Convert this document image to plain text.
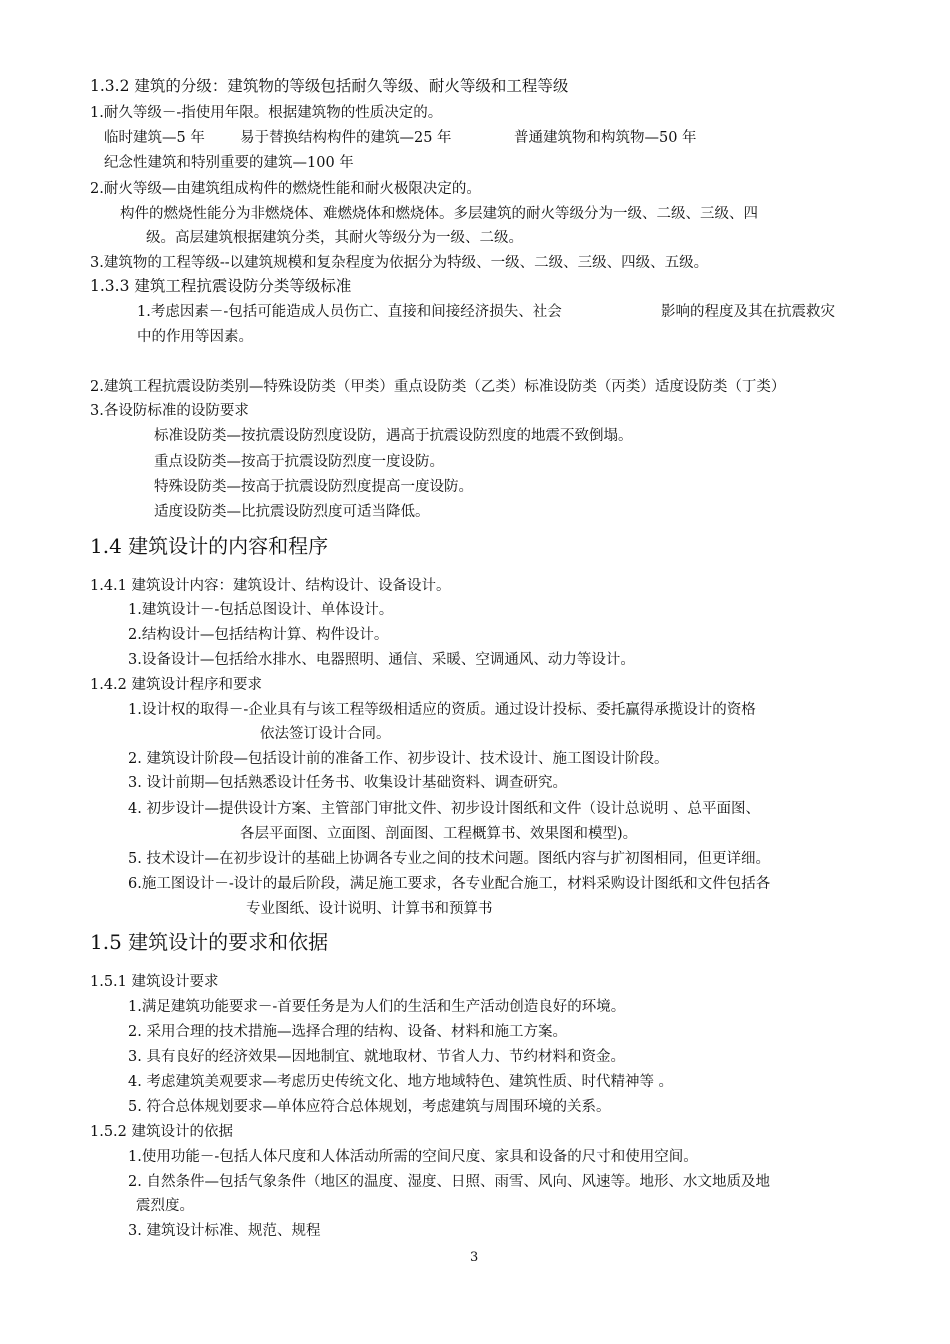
1.3.2 建筑的分级：建筑物的等级包括耐久等级、耐火等级和工程等级
1.耐久等级－-指使用年限。根据建筑物的性质决定的。
临时建筑—5 年 易于替换结构构件的建筑—25 年	普通建筑物和构筑物—50 年
纪念性建筑和特别重要的建筑—100 年
2.耐火等级—由建筑组成构件的燃烧性能和耐火极限决定的。
构件的燃烧性能分为非燃烧体、难燃烧体和燃烧体。多层建筑的耐火等级分为一级、二级、三级、四
级。高层建筑根据建筑分类，其耐火等级分为一级、二级。
3.建筑物的工程等级--以建筑规模和复杂程度为依据分为特级、一级、二级、三级、四级、五级。
1.3.3 建筑工程抗震设防分类等级标准
1.考虑因素－-包括可能造成人员伤亡、直接和间接经济损失、社会	影响的程度及其在抗震救灾
中的作用等因素。
2.建筑工程抗震设防类别—特殊设防类（甲类）重点设防类（乙类）标准设防类（丙类）适度设防类（丁类）
3.各设防标准的设防要求
标准设防类—按抗震设防烈度设防，遇高于抗震设防烈度的地震不致倒塌。
重点设防类—按高于抗震设防烈度一度设防。
特殊设防类—按高于抗震设防烈度提高一度设防。
适度设防类—比抗震设防烈度可适当降低。
1.4 建筑设计的内容和程序
1.4.1 建筑设计内容：建筑设计、结构设计、设备设计。
1.建筑设计－-包括总图设计、单体设计。
2.结构设计—包括结构计算、构件设计。
3.设备设计—包括给水排水、电器照明、通信、采暖、空调通风、动力等设计。
1.4.2 建筑设计程序和要求
1.设计权的取得－-企业具有与该工程等级相适应的资质。通过设计投标、委托赢得承揽设计的资格
依法签订设计合同。
2. 建筑设计阶段—包括设计前的准备工作、初步设计、技术设计、施工图设计阶段。
3. 设计前期—包括熟悉设计任务书、收集设计基础资料、调查研究。
4. 初步设计—提供设计方案、主管部门审批文件、初步设计图纸和文件（设计总说明 、总平面图、
各层平面图、立面图、剖面图、工程概算书、效果图和模型)。
5. 技术设计—在初步设计的基础上协调各专业之间的技术问题。图纸内容与扩初图相同，但更详细。
6.施工图设计－-设计的最后阶段，满足施工要求，各专业配合施工，材料采购设计图纸和文件包括各
专业图纸、设计说明、计算书和预算书
1.5 建筑设计的要求和依据
1.5.1 建筑设计要求
1.满足建筑功能要求－-首要任务是为人们的生活和生产活动创造良好的环境。
2. 采用合理的技术措施—选择合理的结构、设备、材料和施工方案。
3. 具有良好的经济效果—因地制宜、就地取材、节省人力、节约材料和资金。
4. 考虑建筑美观要求—考虑历史传统文化、地方地域特色、建筑性质、时代精神等 。
5. 符合总体规划要求—单体应符合总体规划，考虑建筑与周围环境的关系。
1.5.2 建筑设计的依据
1.使用功能－-包括人体尺度和人体活动所需的空间尺度、家具和设备的尺寸和使用空间。
2. 自然条件—包括气象条件（地区的温度、湿度、日照、雨雪、风向、风速等。地形、水文地质及地
震烈度。
3. 建筑设计标准、规范、规程
3
